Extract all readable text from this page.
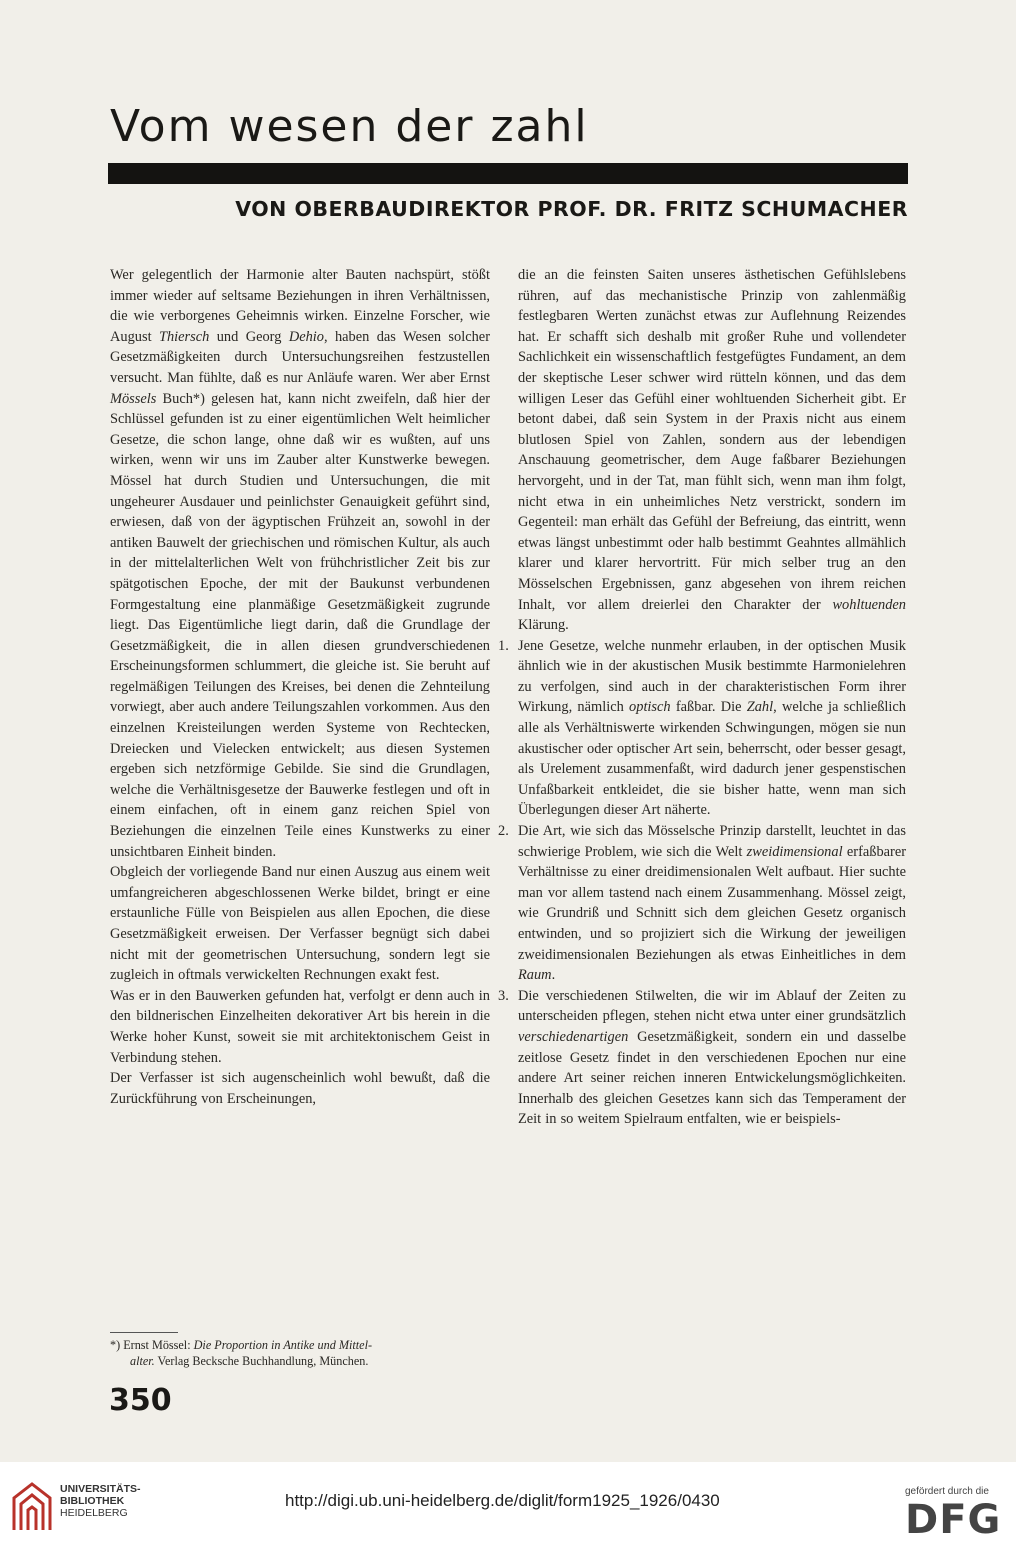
Vom wesen der zahl
VON OBERBAUDIREKTOR PROF. DR. FRITZ SCHUMACHER

Wer gelegentlich der Harmonie alter Bauten nachspürt, stößt immer wieder auf seltsame Beziehungen in ihren Verhältnissen, die wie verborgenes Geheimnis wirken. Einzelne Forscher, wie August Thiersch und Georg Dehio, haben das Wesen solcher Gesetzmäßigkeiten durch Untersuchungsreihen festzustellen versucht. Man fühlte, daß es nur Anläufe waren. Wer aber Ernst Mössels Buch*) gelesen hat, kann nicht zweifeln, daß hier der Schlüssel gefunden ist zu einer eigentümlichen Welt heimlicher Gesetze, die schon lange, ohne daß wir es wußten, auf uns wirken, wenn wir uns im Zauber alter Kunstwerke bewegen. Mössel hat durch Studien und Untersuchungen, die mit ungeheurer Ausdauer und peinlichster Genauigkeit geführt sind, erwiesen, daß von der ägyptischen Frühzeit an, sowohl in der antiken Bauwelt der griechischen und römischen Kultur, als auch in der mittelalterlichen Welt von frühchristlicher Zeit bis zur spätgotischen Epoche, der mit der Baukunst verbundenen Formgestaltung eine planmäßige Gesetzmäßigkeit zugrunde liegt. Das Eigentümliche liegt darin, daß die Grundlage der Gesetzmäßigkeit, die in allen diesen grundverschiedenen Erscheinungsformen schlummert, die gleiche ist. Sie beruht auf regelmäßigen Teilungen des Kreises, bei denen die Zehnteilung vorwiegt, aber auch andere Teilungszahlen vorkommen. Aus den einzelnen Kreisteilungen werden Systeme von Rechtecken, Dreiecken und Vielecken entwickelt; aus diesen Systemen ergeben sich netzförmige Gebilde. Sie sind die Grundlagen, welche die Verhältnisgesetze der Bauwerke festlegen und oft in einem einfachen, oft in einem ganz reichen Spiel von Beziehungen die einzelnen Teile eines Kunstwerks zu einer unsichtbaren Einheit binden.

Obgleich der vorliegende Band nur einen Auszug aus einem weit umfangreicheren abgeschlossenen Werke bildet, bringt er eine erstaunliche Fülle von Beispielen aus allen Epochen, die diese Gesetzmäßigkeit erweisen. Der Verfasser begnügt sich dabei nicht mit der geometrischen Untersuchung, sondern legt sie zugleich in oftmals verwickelten Rechnungen exakt fest.

Was er in den Bauwerken gefunden hat, verfolgt er denn auch in den bildnerischen Einzelheiten dekorativer Art bis herein in die Werke hoher Kunst, soweit sie mit architektonischem Geist in Verbindung stehen.

Der Verfasser ist sich augenscheinlich wohl bewußt, daß die Zurückführung von Erscheinungen,

die an die feinsten Saiten unseres ästhetischen Gefühlslebens rühren, auf das mechanistische Prinzip von zahlenmäßig festlegbaren Werten zunächst etwas zur Auflehnung Reizendes hat. Er schafft sich deshalb mit großer Ruhe und vollendeter Sachlichkeit ein wissenschaftlich festgefügtes Fundament, an dem der skeptische Leser schwer wird rütteln können, und das dem willigen Leser das Gefühl einer wohltuenden Sicherheit gibt. Er betont dabei, daß sein System in der Praxis nicht aus einem blutlosen Spiel von Zahlen, sondern aus der lebendigen Anschauung geometrischer, dem Auge faßbarer Beziehungen hervorgeht, und in der Tat, man fühlt sich, wenn man ihm folgt, nicht etwa in ein unheimliches Netz verstrickt, sondern im Gegenteil: man erhält das Gefühl der Befreiung, das eintritt, wenn etwas längst unbestimmt oder halb bestimmt Geahntes allmählich klarer und klarer hervortritt. Für mich selber trug an den Mösselschen Ergebnissen, ganz abgesehen von ihrem reichen Inhalt, vor allem dreierlei den Charakter der wohltuenden Klärung.

1. Jene Gesetze, welche nunmehr erlauben, in der optischen Musik ähnlich wie in der akustischen Musik bestimmte Harmonielehren zu verfolgen, sind auch in der charakteristischen Form ihrer Wirkung, nämlich optisch faßbar. Die Zahl, welche ja schließlich alle als Verhältniswerte wirkenden Schwingungen, mögen sie nun akustischer oder optischer Art sein, beherrscht, oder besser gesagt, als Urelement zusammenfaßt, wird dadurch jener gespenstischen Unfaßbarkeit entkleidet, die sie bisher hatte, wenn man sich Überlegungen dieser Art näherte.

2. Die Art, wie sich das Mösselsche Prinzip darstellt, leuchtet in das schwierige Problem, wie sich die Welt zweidimensional erfaßbarer Verhältnisse zu einer dreidimensionalen Welt aufbaut. Hier suchte man vor allem tastend nach einem Zusammenhang. Mössel zeigt, wie Grundriß und Schnitt sich dem gleichen Gesetz organisch entwinden, und so projiziert sich die Wirkung der jeweiligen zweidimensionalen Beziehungen als etwas Einheitliches in dem Raum.

3. Die verschiedenen Stilwelten, die wir im Ablauf der Zeiten zu unterscheiden pflegen, stehen nicht etwa unter einer grundsätzlich verschiedenartigen Gesetzmäßigkeit, sondern ein und dasselbe zeitlose Gesetz findet in den verschiedenen Epochen nur eine andere Art seiner reichen inneren Entwickelungsmöglichkeiten. Innerhalb des gleichen Gesetzes kann sich das Temperament der Zeit in so weitem Spielraum entfalten, wie er beispiels-

*) Ernst Mössel: Die Proportion in Antike und Mittel-
alter. Verlag Becksche Buchhandlung, München.
350
UNIVERSITÄTS-
BIBLIOTHEK
HEIDELBERG
http://digi.ub.uni-heidelberg.de/diglit/form1925_1926/0430	gefördert durch die
DFG
